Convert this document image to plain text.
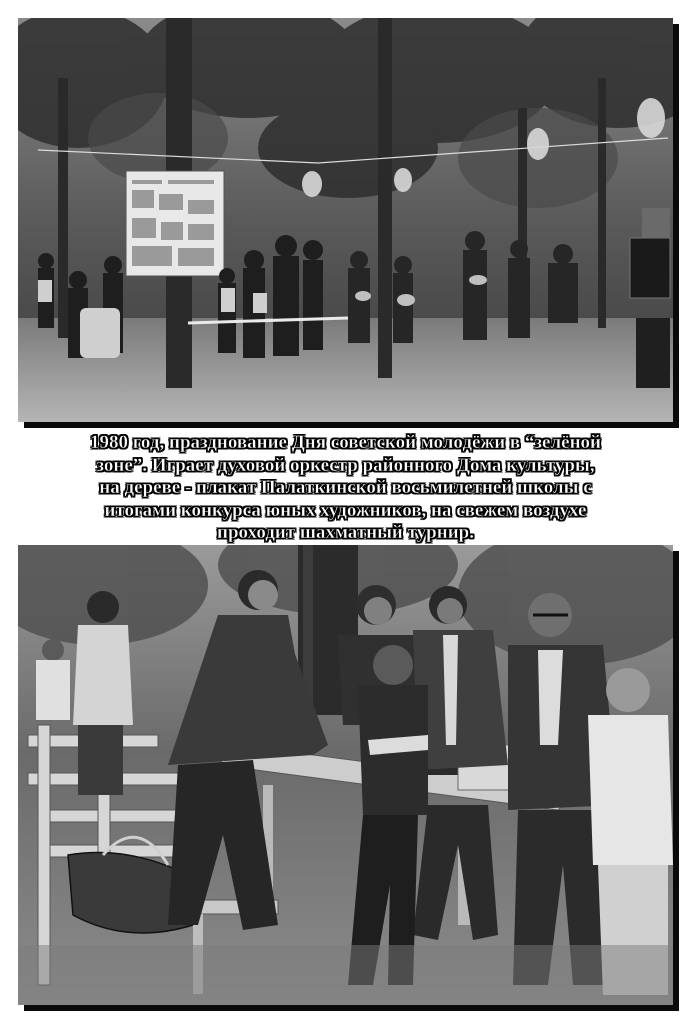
1980 год, празднование Дня советской молодёжи в “зелёной
зоне”. Играет духовой оркестр районного Дома культуры,
на дереве - плакат Палаткинской восьмилетней школы с
итогами конкурса юных художников, на свежем воздухе
проходит шахматный турнир.
